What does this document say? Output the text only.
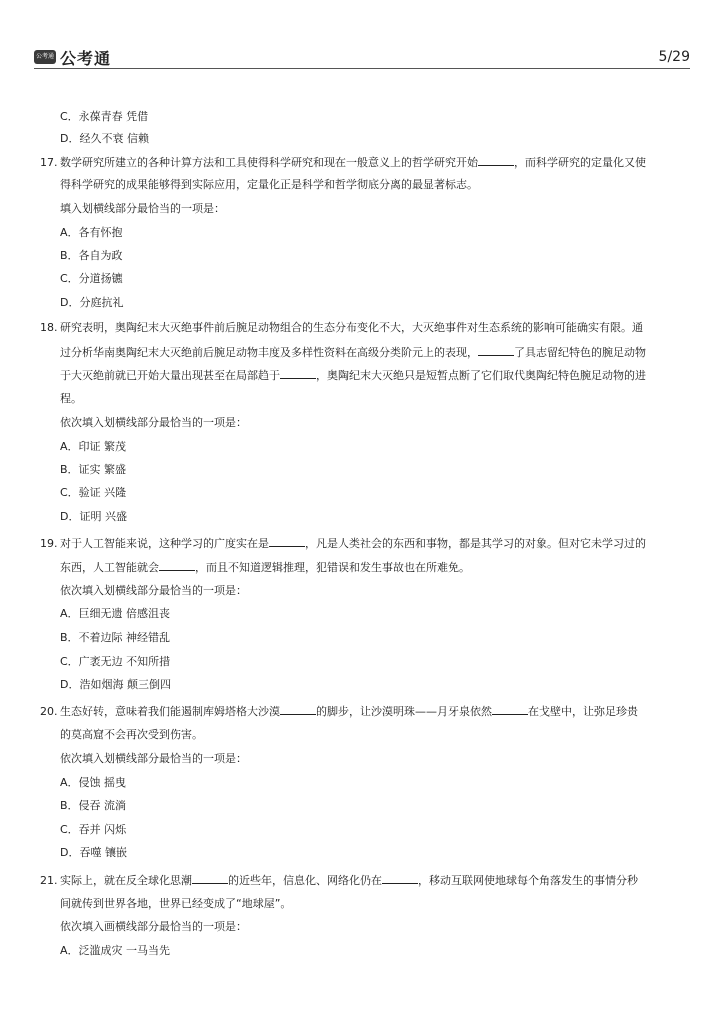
公考通 公考通	5/29
C．永葆青春 凭借
D．经久不衰 信赖
17. 数学研究所建立的各种计算方法和工具使得科学研究和现在一般意义上的哲学研究开始	，而科学研究的定量化又使
得科学研究的成果能够得到实际应用，定量化正是科学和哲学彻底分离的最显著标志。
填入划横线部分最恰当的一项是：
A．各有怀抱
B．各自为政
C．分道扬镳
D．分庭抗礼
18. 研究表明，奥陶纪末大灭绝事件前后腕足动物组合的生态分布变化不大，大灭绝事件对生态系统的影响可能确实有限。通
过分析华南奥陶纪末大灭绝前后腕足动物丰度及多样性资料在高级分类阶元上的表现，	了具志留纪特色的腕足动物
于大灭绝前就已开始大量出现甚至在局部趋于	，奥陶纪末大灭绝只是短暂点断了它们取代奥陶纪特色腕足动物的进
程。
依次填入划横线部分最恰当的一项是：
A．印证 繁茂
B．证实 繁盛
C．验证 兴隆
D．证明 兴盛
19. 对于人工智能来说，这种学习的广度实在是	，凡是人类社会的东西和事物，都是其学习的对象。但对它未学习过的
东西，人工智能就会	，而且不知道逻辑推理，犯错误和发生事故也在所难免。
依次填入划横线部分最恰当的一项是：
A．巨细无遗 倍感沮丧
B．不着边际 神经错乱
C．广袤无边 不知所措
D．浩如烟海 颠三倒四
20. 生态好转，意味着我们能遏制库姆塔格大沙漠	的脚步，让沙漠明珠——月牙泉依然	在戈壁中，让弥足珍贵
的莫高窟不会再次受到伤害。
依次填入划横线部分最恰当的一项是：
A．侵蚀 摇曳
B．侵吞 流淌
C．吞并 闪烁
D．吞噬 镶嵌
21. 实际上，就在反全球化思潮	的近些年，信息化、网络化仍在	，移动互联网使地球每个角落发生的事情分秒
间就传到世界各地，世界已经变成了“地球屋”。
依次填入画横线部分最恰当的一项是：
A．泛滥成灾 一马当先
